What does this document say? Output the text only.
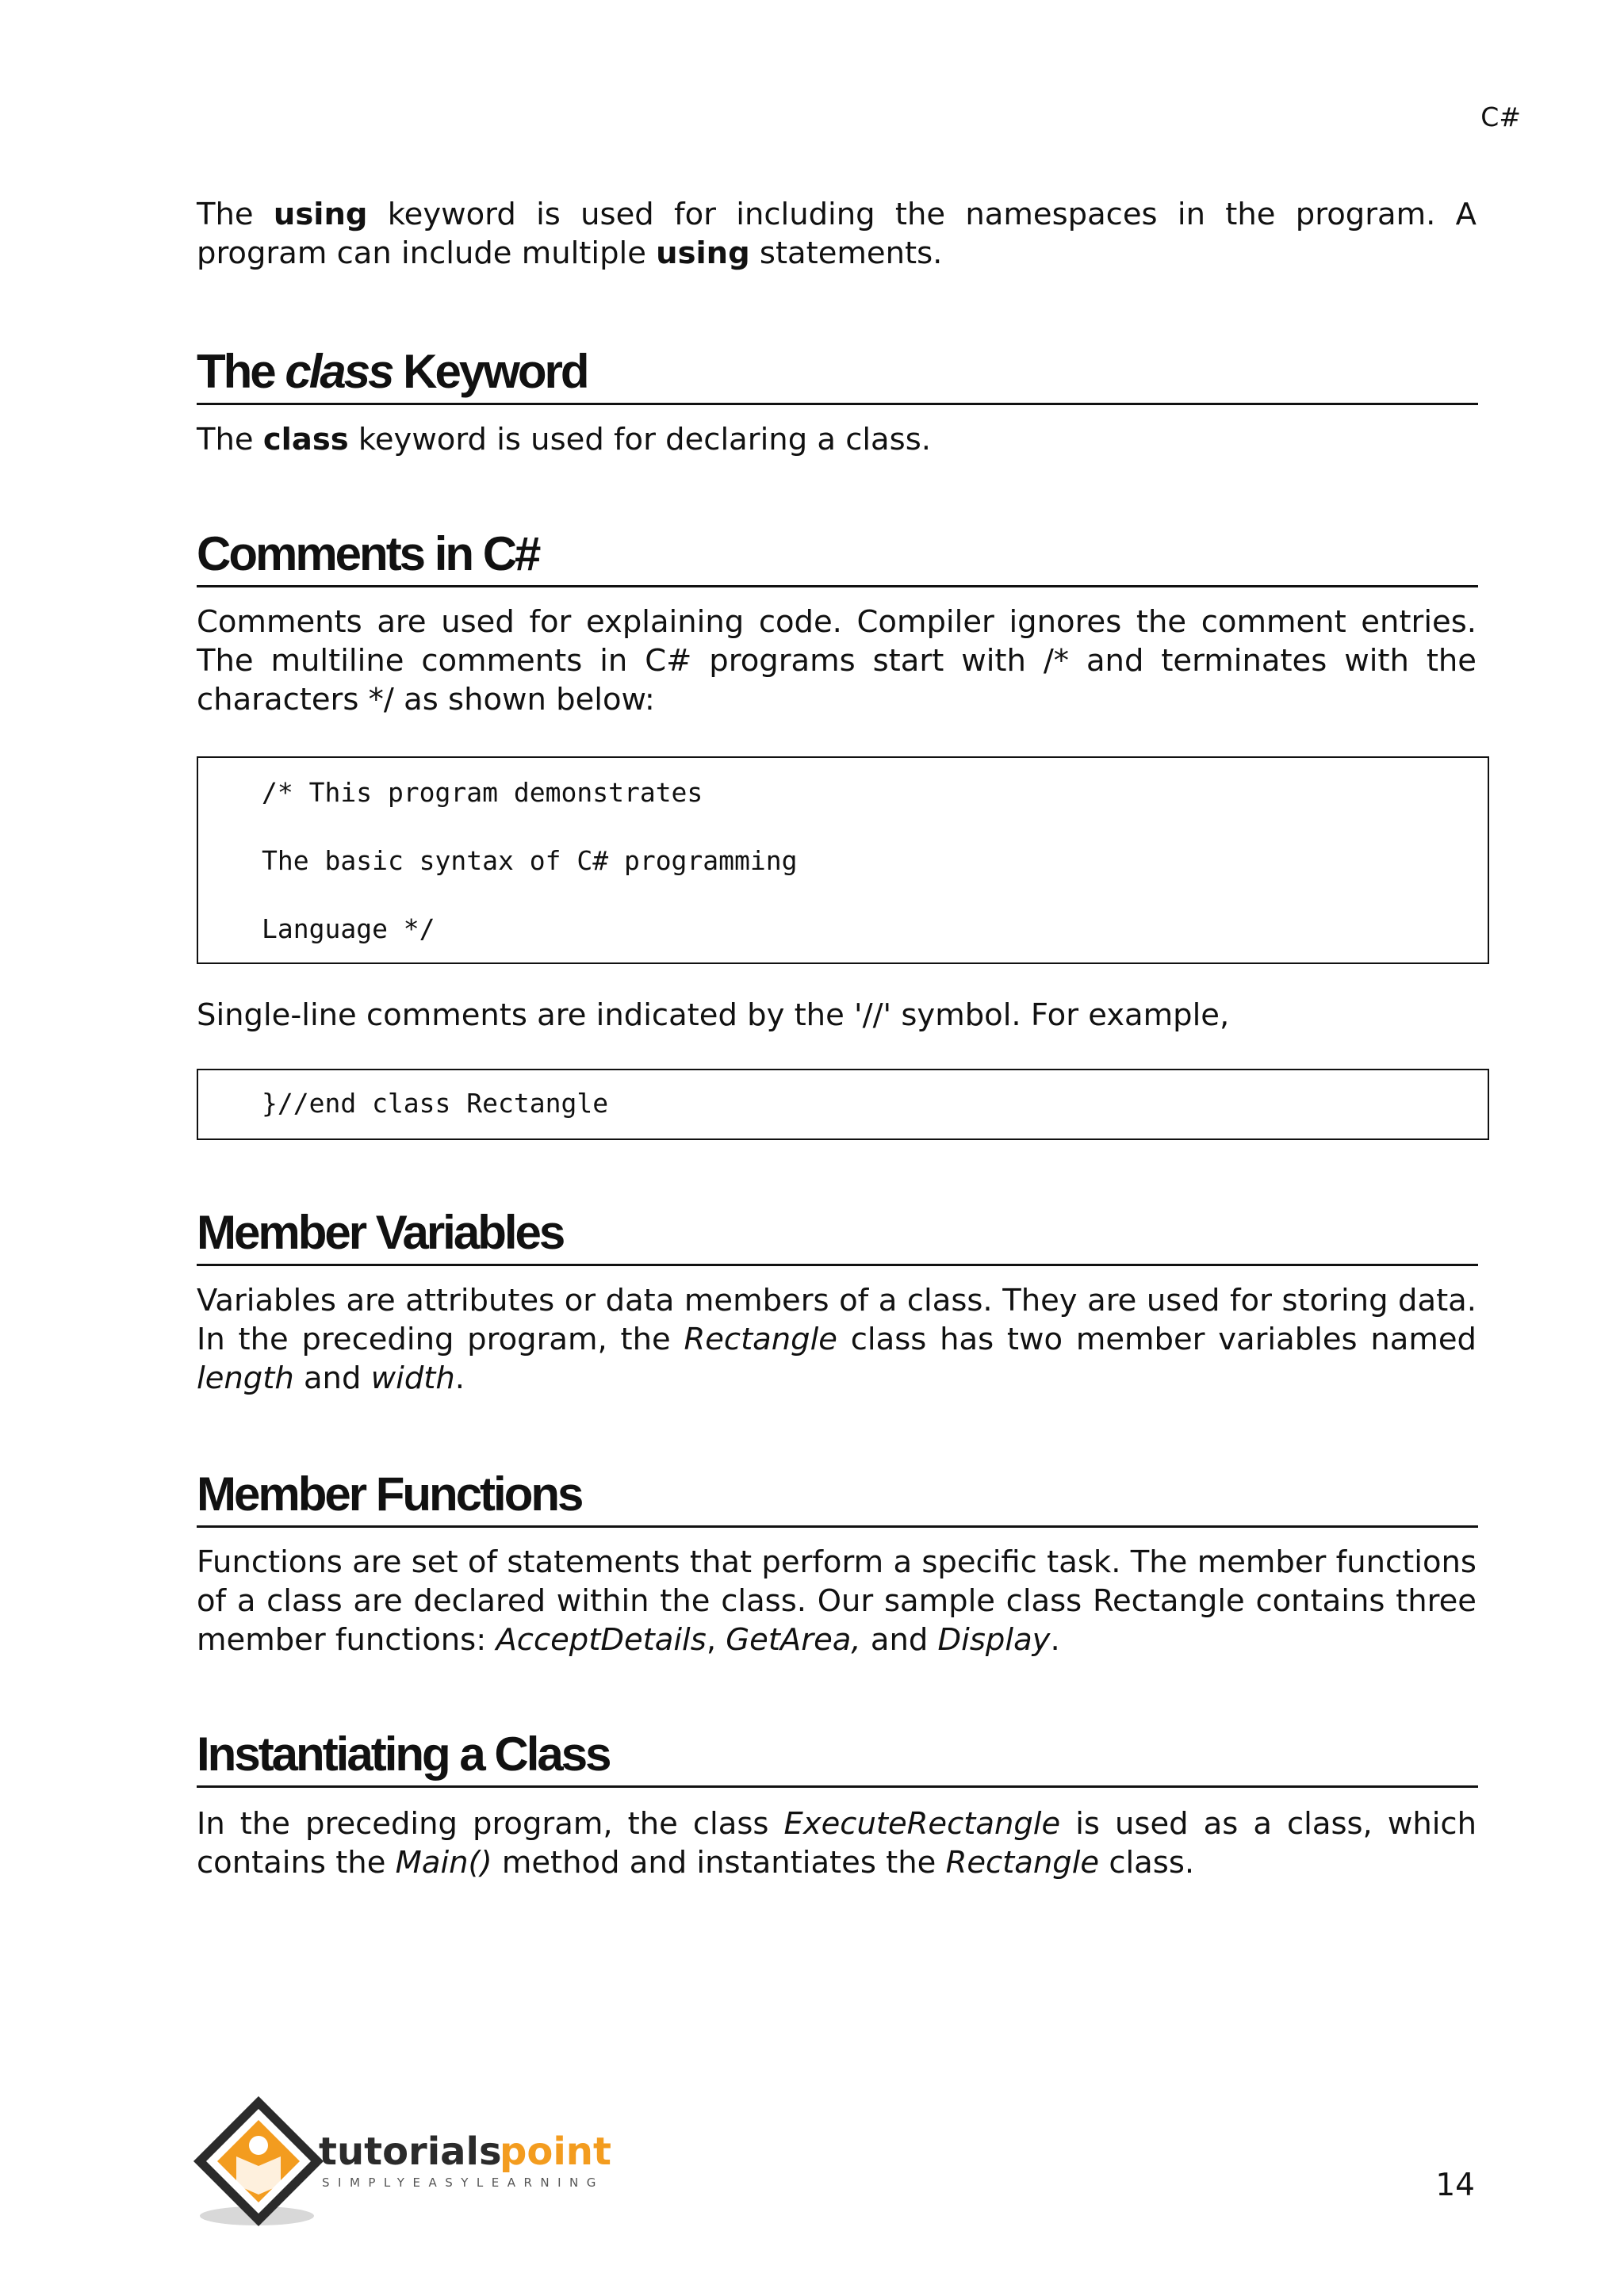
C#

The using keyword is used for including the namespaces in the program. A program can include multiple using statements.

The class Keyword

The class keyword is used for declaring a class.

Comments in C#

Comments are used for explaining code. Compiler ignores the comment entries. The multiline comments in C# programs start with /* and terminates with the characters */ as shown below:

/* This program demonstrates
The basic syntax of C# programming
Language */

Single-line comments are indicated by the '//' symbol. For example,

}//end class Rectangle
Member Variables

Variables are attributes or data members of a class. They are used for storing data. In the preceding program, the Rectangle class has two member variables named length and width.

Member Functions

Functions are set of statements that perform a specific task. The member functions of a class are declared within the class. Our sample class Rectangle contains three member functions: AcceptDetails, GetArea, and Display.

Instantiating a Class

In the preceding program, the class ExecuteRectangle is used as a class, which contains the Main() method and instantiates the Rectangle class.

tutorials
point
SIMPLYEASYLEARNING	14
